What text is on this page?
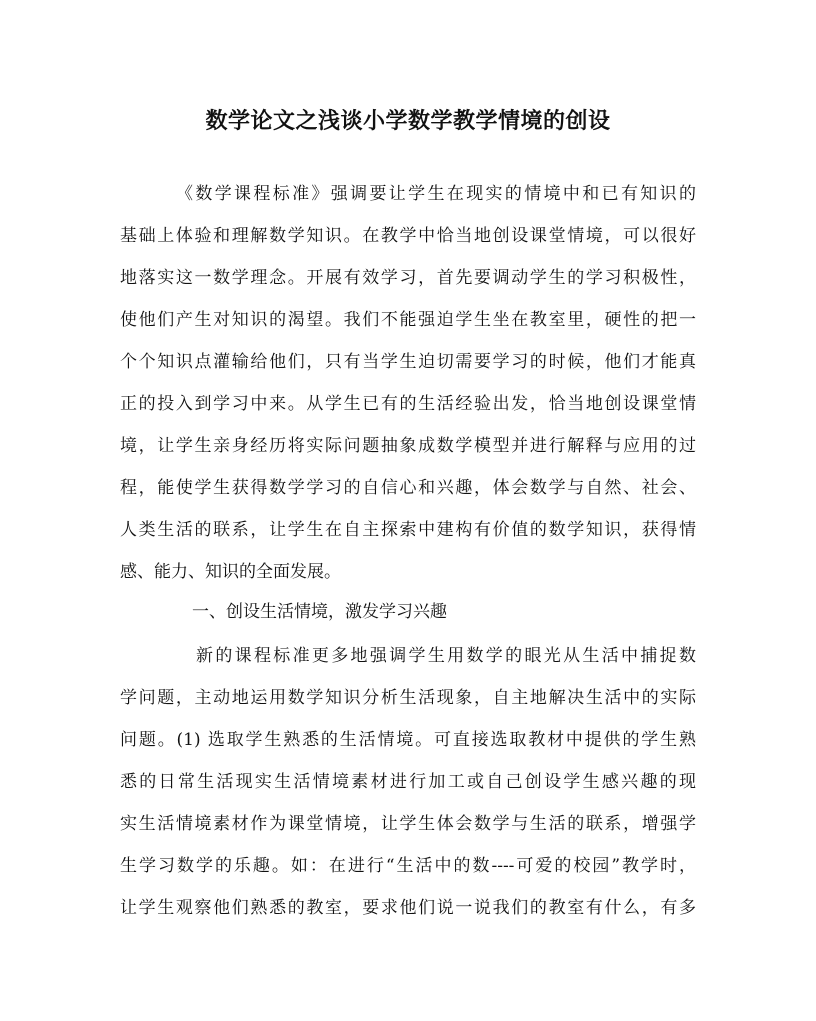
数学论文之浅谈小学数学教学情境的创设

《数学课程标准》强调要让学生在现实的情境中和已有知识的

基础上体验和理解数学知识。在教学中恰当地创设课堂情境，可以很好

地落实这一数学理念。开展有效学习，首先要调动学生的学习积极性，

使他们产生对知识的渴望。我们不能强迫学生坐在教室里，硬性的把一

个个知识点灌输给他们，只有当学生迫切需要学习的时候，他们才能真

正的投入到学习中来。从学生已有的生活经验出发，恰当地创设课堂情

境，让学生亲身经历将实际问题抽象成数学模型并进行解释与应用的过

程，能使学生获得数学学习的自信心和兴趣，体会数学与自然、社会、

人类生活的联系，让学生在自主探索中建构有价值的数学知识，获得情

感、能力、知识的全面发展。

一、创设生活情境，激发学习兴趣

新的课程标准更多地强调学生用数学的眼光从生活中捕捉数

学问题，主动地运用数学知识分析生活现象，自主地解决生活中的实际

问题。(1) 选取学生熟悉的生活情境。可直接选取教材中提供的学生熟

悉的日常生活现实生活情境素材进行加工或自己创设学生感兴趣的现

实生活情境素材作为课堂情境，让学生体会数学与生活的联系，增强学

生学习数学的乐趣。如：在进行“生活中的数----可爱的校园”教学时，

让学生观察他们熟悉的教室，要求他们说一说我们的教室有什么，有多
